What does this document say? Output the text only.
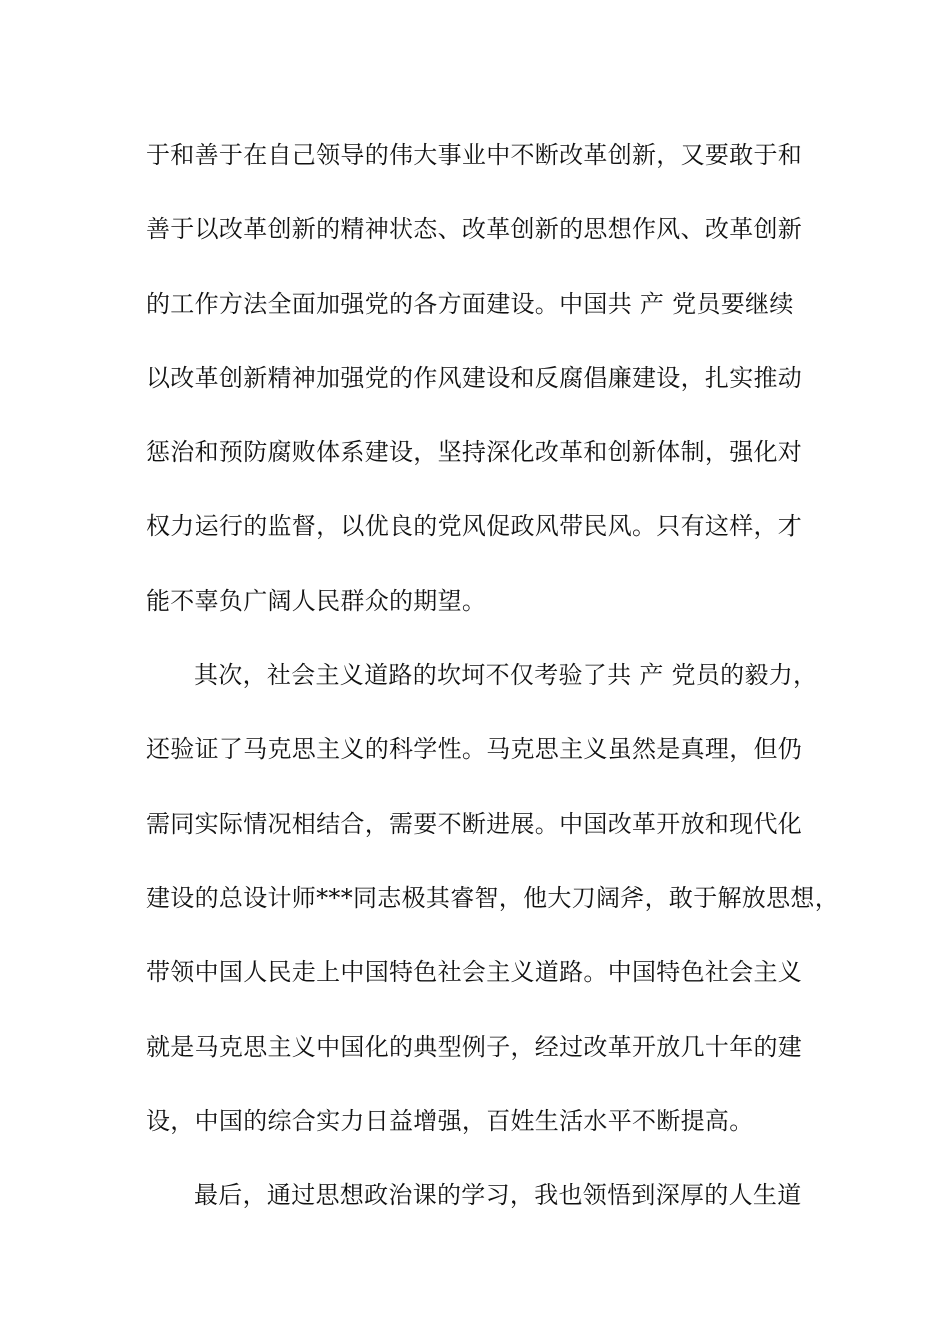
于和善于在自己领导的伟大事业中不断改革创新，又要敢于和
善于以改革创新的精神状态、改革创新的思想作风、改革创新
的工作方法全面加强党的各方面建设。中国共 产 党员要继续
以改革创新精神加强党的作风建设和反腐倡廉建设，扎实推动
惩治和预防腐败体系建设，坚持深化改革和创新体制，强化对
权力运行的监督，以优良的党风促政风带民风。只有这样，才
能不辜负广阔人民群众的期望。
其次，社会主义道路的坎坷不仅考验了共 产 党员的毅力，
还验证了马克思主义的科学性。马克思主义虽然是真理，但仍
需同实际情况相结合，需要不断进展。中国改革开放和现代化
建设的总设计师***同志极其睿智，他大刀阔斧，敢于解放思想，
带领中国人民走上中国特色社会主义道路。中国特色社会主义
就是马克思主义中国化的典型例子，经过改革开放几十年的建
设，中国的综合实力日益增强，百姓生活水平不断提高。
最后，通过思想政治课的学习，我也领悟到深厚的人生道
